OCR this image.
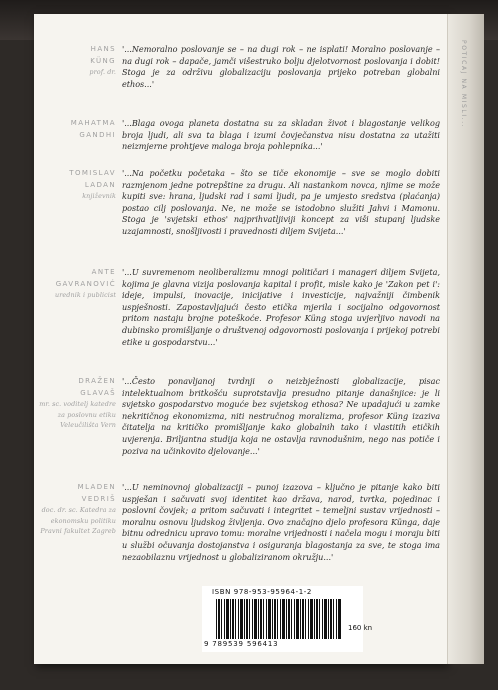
POTICAJ NA MISLI...
HANS
KÜNG
prof. dr.
'...Nemoralno poslovanje se – na dugi rok – ne isplati! Moralno poslovanje – na dugi rok – dapače, jamči višestruko bolju djelotvornost poslovanja i dobit! Stoga je za održivu globalizaciju poslovanja prijeko potreban globalni ethos...'
MAHATMA
GANDHI
'...Blaga ovoga planeta dostatna su za skladan život i blagostanje velikog broja ljudi, ali sva ta blaga i izumi čovječanstva nisu dostatna za utažiti neizmjerne prohtjeve maloga broja pohlepnika...'
TOMISLAV
LADAN
književnik
'...Na početku početaka – što se tiče ekonomije – sve se moglo dobiti razmjenom jedne potrepštine za drugu. Ali nastankom novca, njime se može kupiti sve: hrana, ljudski rad i sami ljudi, pa je umjesto sredstva (plaćanja) postao cilj poslovanja. Ne, ne može se istodobno služiti Jahvi i Mamonu. Stoga je 'svjetski ethos' najprihvatljiviji koncept za viši stupanj ljudske uzajamnosti, snošljivosti i pravednosti diljem Svijeta...'
ANTE
GAVRANOVIĆ
urednik i publicist
'...U suvremenom neoliberalizmu mnogi političari i manageri diljem Svijeta, kojima je glavna vizija poslovanja kapital i profit, misle kako je 'Zakon pet i': ideje, impulsi, inovacije, inicijative i investicije, najvažniji čimbenik uspješnosti. Zapostavljajući često etička mjerila i socijalno odgovornost pritom nastaju brojne poteškoće. Profesor Küng stoga uvjerljivo navodi na dubinsko promišljanje o društvenoj odgovornosti poslovanja i prijekoj potrebi etike u gospodarstvu...'
DRAŽEN
GLAVAŠ
mr. sc. voditelj katedre za poslovnu etiku Veleučilišta Vern
'...Često ponavljanoj tvrdnji o neizbježnosti globalizacije, pisac intelektualnom britkošću suprotstavlja presudno pitanje današnjice: je li svjetsko gospodarstvo moguće bez svjetskog ethosa? Ne upadajući u zamke nekritičnog ekonomizma, niti nestručnog moralizma, profesor Küng izaziva čitatelja na kritičko promišljanje kako globalnih tako i vlastitih etičkih uvjerenja. Briljantna studija koja ne ostavlja ravnodušnim, nego nas potiče i poziva na učinkovito djelovanje...'
MLADEN
VEDRIŠ
doc. dr. sc. Katedra za ekonomsku politiku Pravni fakultet Zagreb
'...U neminovnoj globalizaciji – punoj izazova – ključno je pitanje kako biti uspješan i sačuvati svoj identitet kao država, narod, tvrtka, pojedinac i poslovni čovjek; a pritom sačuvati i integritet – temeljni sustav vrijednosti – moralnu osnovu ljudskog življenja. Ovo značajno djelo profesora Künga, daje bitnu odrednicu upravo tomu: moralne vrijednosti i načela mogu i moraju biti u službi očuvanja dostojanstva i osiguranja blagostanja za sve, te stoga ima nezaobilaznu vrijednost u globaliziranom okružju...'
ISBN 978-953-95964-1-2
9 789539 596413
160 kn
